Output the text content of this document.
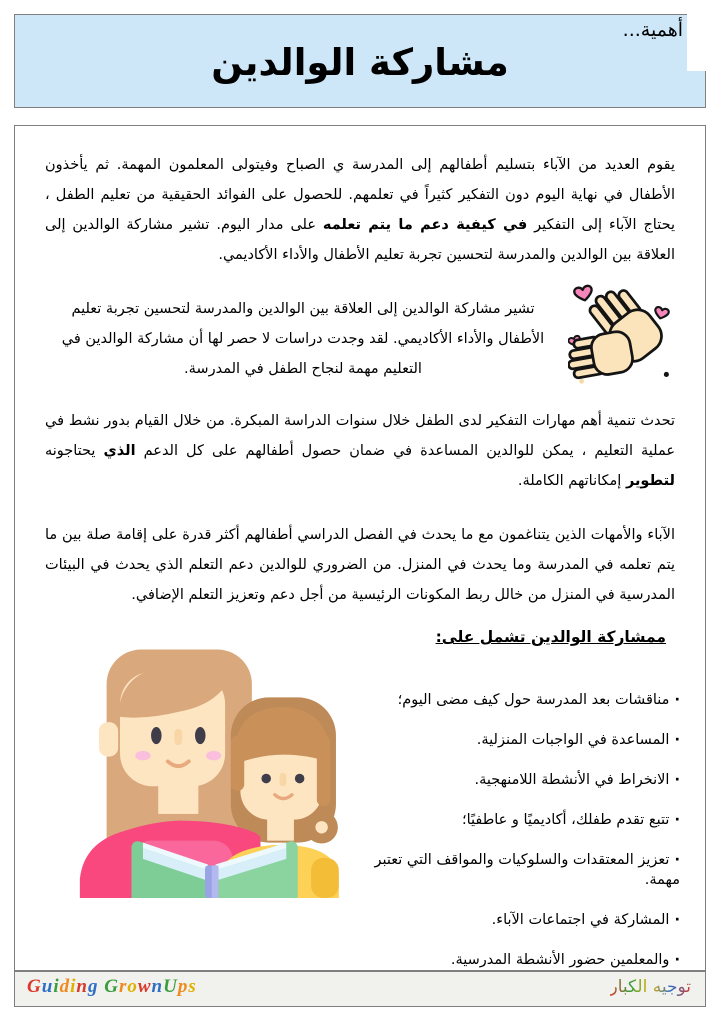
أهمية...
مشاركة الوالدين

يقوم العديد من الآباء بتسليم أطفالهم إلى المدرسة ي الصباح وفيتولى المعلمون المهمة. ثم يأخذون الأطفال في نهاية اليوم دون التفكير كثيراً في تعلمهم. للحصول على الفوائد الحقيقية من تعليم الطفل ، يحتاج الآباء إلى التفكير في كيفية دعم ما يتم تعلمه على مدار اليوم. تشير مشاركة الوالدين إلى العلاقة بين الوالدين والمدرسة لتحسين تجربة تعليم الأطفال والأداء الأكاديمي.

تشير مشاركة الوالدين إلى العلاقة بين الوالدين والمدرسة لتحسين تجربة تعليم الأطفال والأداء الأكاديمي. لقد وجدت دراسات لا حصر لها أن مشاركة الوالدين في التعليم مهمة لنجاح الطفل في المدرسة.

تحدث تنمية أهم مهارات التفكير لدى الطفل خلال سنوات الدراسة المبكرة. من خلال القيام بدور نشط في عملية التعليم ، يمكن للوالدين المساعدة في ضمان حصول أطفالهم على كل الدعم الذي يحتاجونه لتطوير إمكاناتهم الكاملة.

الآباء والأمهات الذين يتناغمون مع ما يحدث في الفصل الدراسي أطفالهم أكثر قدرة على إقامة صلة بين ما يتم تعلمه في المدرسة وما يحدث في المنزل. من الضروري للوالدين دعم التعلم الذي يحدث في البيئات المدرسية في المنزل من خالل ربط المكونات الرئيسية من أجل دعم وتعزيز التعلم الإضافي.

ممشاركة الوالدين تشمل على:
· مناقشات بعد المدرسة حول كيف مضى اليوم؛
· المساعدة في الواجبات المنزلية.
· الانخراط في الأنشطة اللامنهجية.
· تتبع تقدم طفلك، أكاديميًا و عاطفيًا؛
· تعزيز المعتقدات والسلوكيات والمواقف التي تعتبر مهمة.
· المشاركة في اجتماعات الآباء.
· والمعلمين حضور الأنشطة المدرسية.
Guiding GrownUps	توجيه الكبار
